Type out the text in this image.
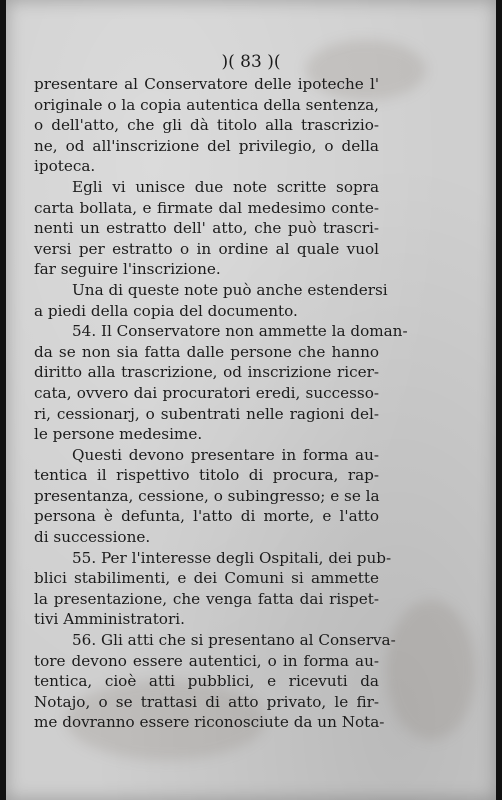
)( 83 )(
presentare al Conservatore delle ipoteche l'
originale o la copia autentica della sentenza,
o dell'atto, che gli dà titolo alla trascrizio-
ne, od all'inscrizione del privilegio, o della
ipoteca.
Egli vi unisce due note scritte sopra
carta bollata, e firmate dal medesimo conte-
nenti un estratto dell' atto, che può trascri-
versi per estratto o in ordine al quale vuol
far seguire l'inscrizione.
Una di queste note può anche estendersi
a piedi della copia del documento.
54. Il Conservatore non ammette la doman-
da se non sia fatta dalle persone che hanno
diritto alla trascrizione, od inscrizione ricer-
cata, ovvero dai procuratori eredi, successo-
ri, cessionarj, o subentrati nelle ragioni del-
le persone medesime.
Questi devono presentare in forma au-
tentica il rispettivo titolo di procura, rap-
presentanza, cessione, o subingresso; e se la
persona è defunta, l'atto di morte, e l'atto
di successione.
55. Per l'interesse degli Ospitali, dei pub-
blici stabilimenti, e dei Comuni si ammette
la presentazione, che venga fatta dai rispet-
tivi Amministratori.
56. Gli atti che si presentano al Conserva-
tore devono essere autentici, o in forma au-
tentica, cioè atti pubblici, e ricevuti da
Notajo, o se trattasi di atto privato, le fir-
me dovranno essere riconosciute da un Nota-
